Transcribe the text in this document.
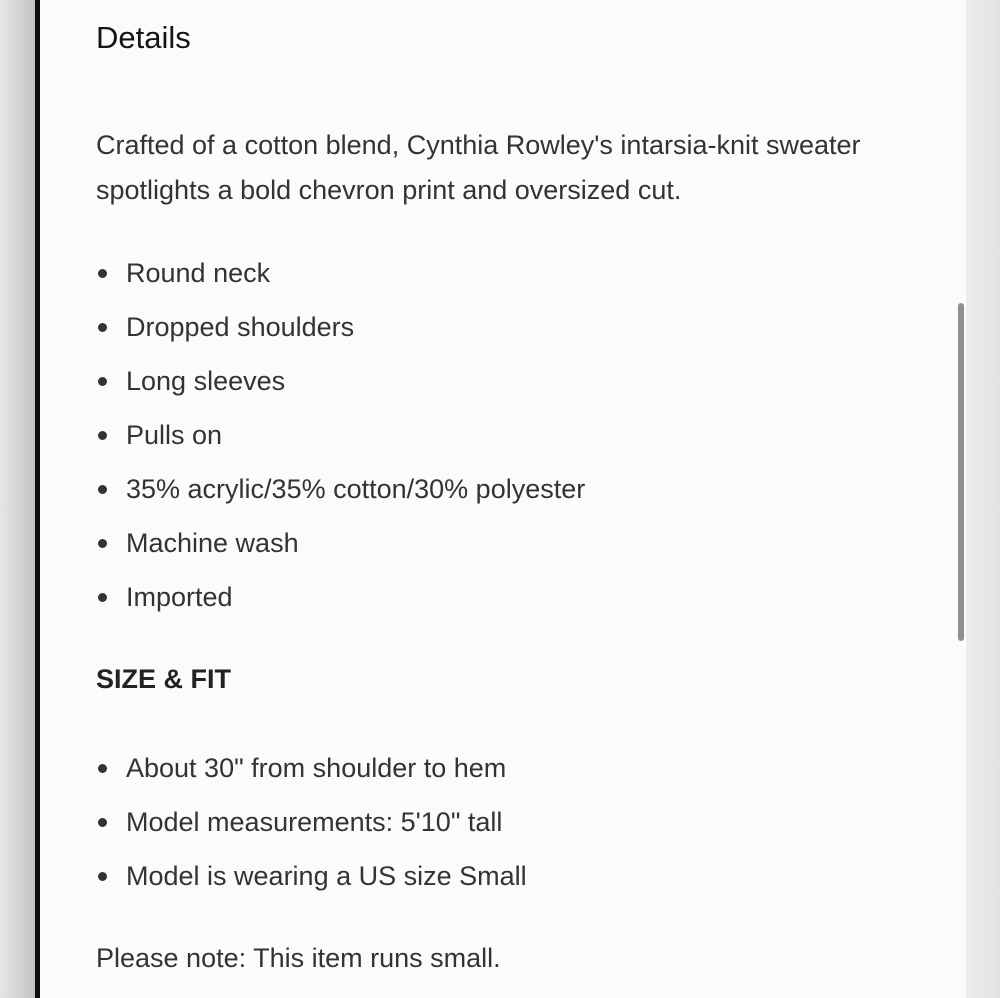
Details

Crafted of a cotton blend, Cynthia Rowley's intarsia-knit sweater spotlights a bold chevron print and oversized cut.

Round neck
Dropped shoulders
Long sleeves
Pulls on
35% acrylic/35% cotton/30% polyester
Machine wash
Imported
SIZE & FIT
About 30" from shoulder to hem
Model measurements: 5'10" tall
Model is wearing a US size Small

Please note: This item runs small.
